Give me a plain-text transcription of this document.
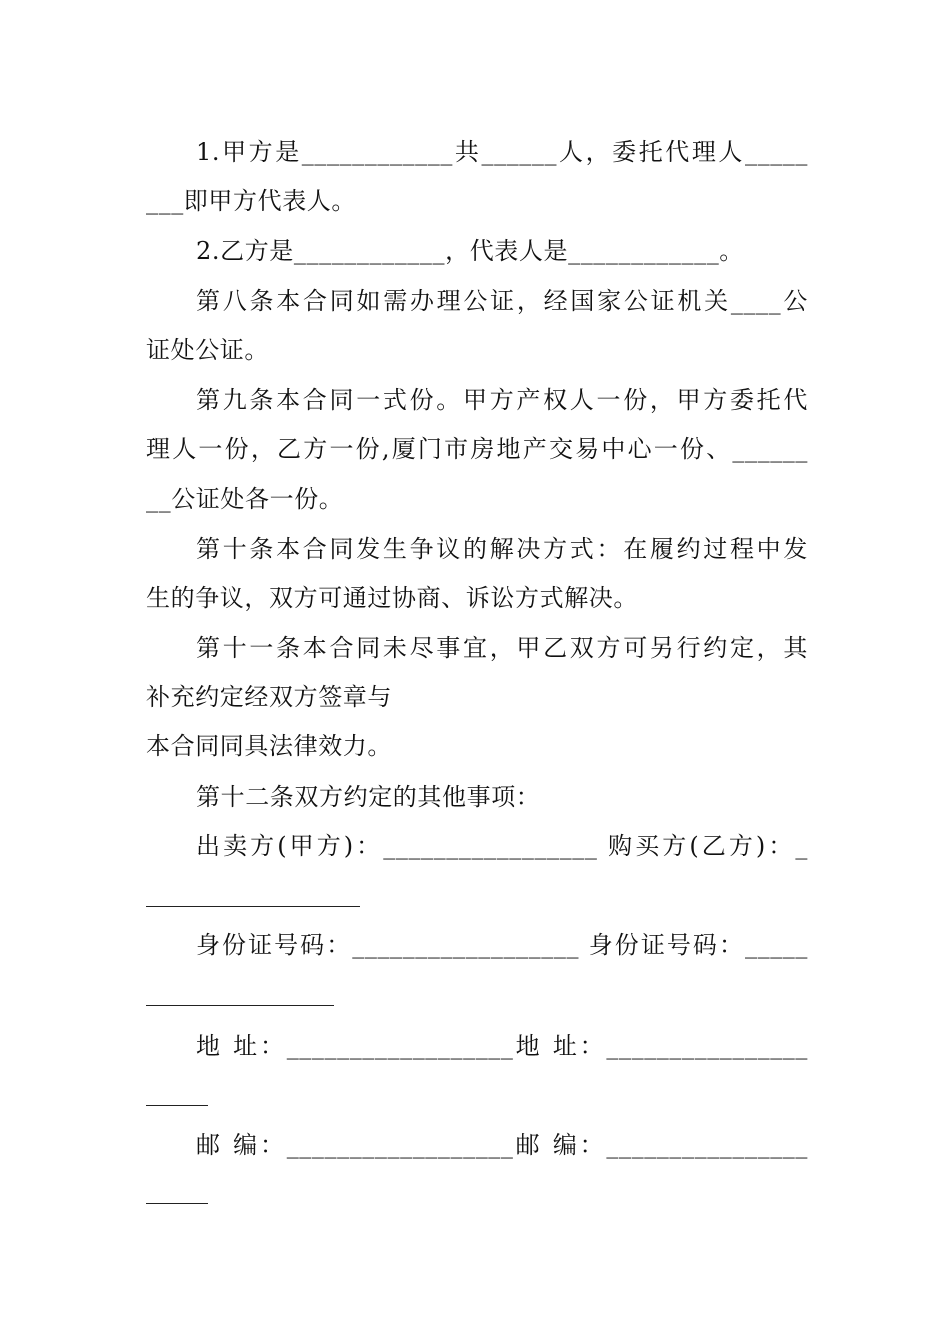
1.甲方是____________共______人，委托代理人_____
___即甲方代表人。
2.乙方是____________，代表人是____________。
第八条本合同如需办理公证，经国家公证机关____公
证处公证。
第九条本合同一式份。甲方产权人一份，甲方委托代
理人一份，乙方一份,厦门市房地产交易中心一份、______
__公证处各一份。
第十条本合同发生争议的解决方式：在履约过程中发
生的争议，双方可通过协商、诉讼方式解决。
第十一条本合同未尽事宜，甲乙双方可另行约定，其
补充约定经双方签章与
本合同同具法律效力。
第十二条双方约定的其他事项：
出卖方(甲方)：_________________ 购买方(乙方)：_
身份证号码：__________________ 身份证号码：_____
地 址：__________________地 址：________________
邮 编：__________________邮 编：________________
